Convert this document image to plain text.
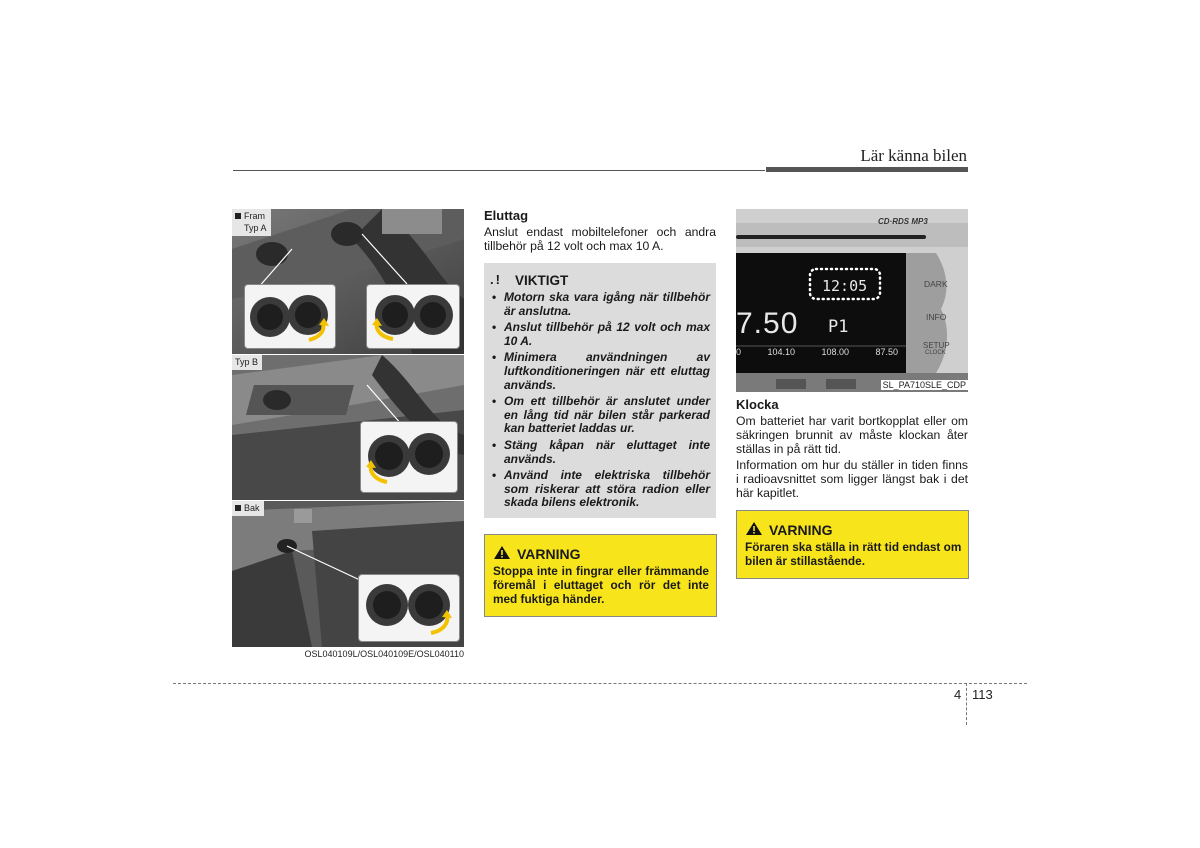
Lär känna bilen
Fram
Typ A
Typ B
Bak
OSL040109L/OSL040109E/OSL040110
Eluttag
Anslut endast mobiltelefoner och andra tillbehör på 12 volt och max 10 A.
. ! VIKTIGT
• Motorn ska vara igång när tillbehör är anslutna.
• Anslut tillbehör på 12 volt och max 10 A.
• Minimera användningen av luftkonditioneringen när ett eluttag används.
• Om ett tillbehör är anslutet under en lång tid när bilen står parkerad kan batteriet laddas ur.
• Stäng kåpan när eluttaget inte används.
• Använd inte elektriska tillbehör som riskerar att störa radion eller skada bilens elektronik.
VARNING
Stoppa inte in fingrar eller främmande föremål i eluttaget och rör det inte med fuktiga händer.
CD·RDS MP3
12:05
7.50 P1
0	104.10	108.00	87.50
DARK
INFO
SETUP
CLOCK
SL_PA710SLE_CDP
Klocka
Om batteriet har varit bortkopplat eller om säkringen brunnit av måste klockan åter ställas in på rätt tid.
Information om hur du ställer in tiden finns i radioavsnittet som ligger längst bak i det här kapitlet.
VARNING
Föraren ska ställa in rätt tid endast om bilen är stillastående.
4 113
